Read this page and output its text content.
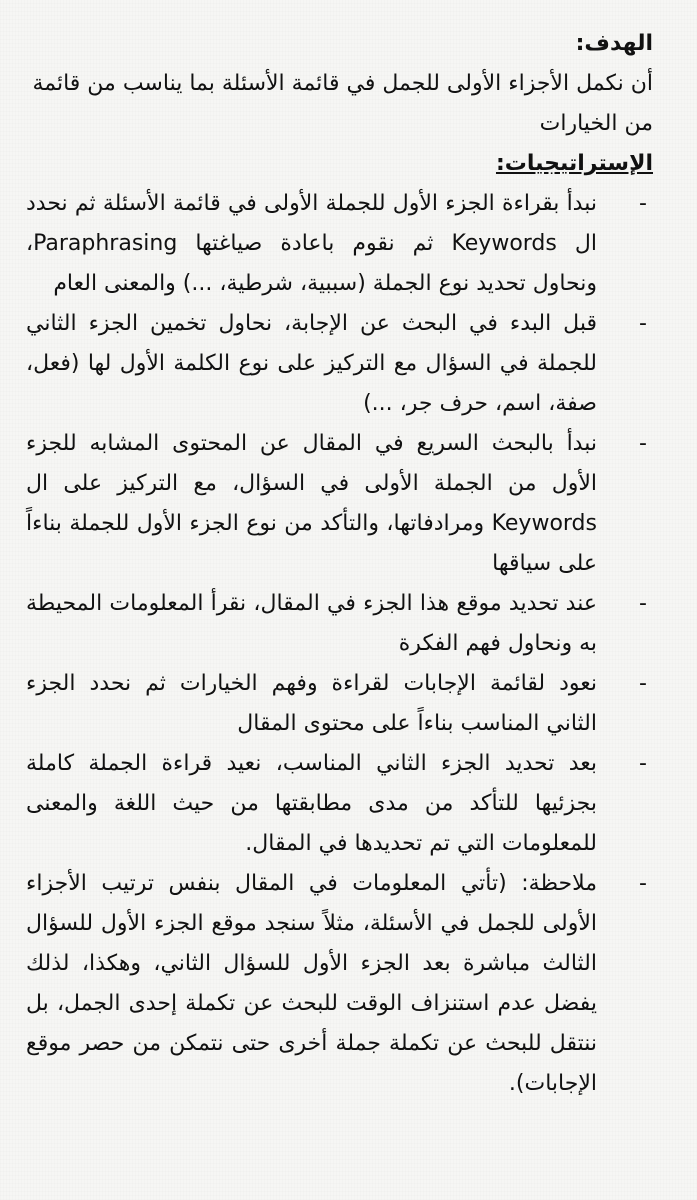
الهدف:

أن نكمل الأجزاء الأولى للجمل في قائمة الأسئلة بما يناسب من قائمة من الخيارات

الإستراتيجيات:
-
نبدأ بقراءة الجزء الأول للجملة الأولى في قائمة الأسئلة ثم نحدد ال Keywords ثم نقوم باعادة صياغتها Paraphrasing، ونحاول تحديد نوع الجملة (سببية، شرطية، ...) والمعنى العام
-
قبل البدء في البحث عن الإجابة، نحاول تخمين الجزء الثاني للجملة في السؤال مع التركيز على نوع الكلمة الأول لها (فعل، صفة، اسم، حرف جر، ...)
-
نبدأ بالبحث السريع في المقال عن المحتوى المشابه للجزء الأول من الجملة الأولى في السؤال، مع التركيز على ال Keywords ومرادفاتها، والتأكد من نوع الجزء الأول للجملة بناءاً على سياقها
-
عند تحديد موقع هذا الجزء في المقال، نقرأ المعلومات المحيطة به ونحاول فهم الفكرة
-
نعود لقائمة الإجابات لقراءة وفهم الخيارات ثم نحدد الجزء الثاني المناسب بناءاً على محتوى المقال
-
بعد تحديد الجزء الثاني المناسب، نعيد قراءة الجملة كاملة بجزئيها للتأكد من مدى مطابقتها من حيث اللغة والمعنى للمعلومات التي تم تحديدها في المقال.
-
ملاحظة: (تأتي المعلومات في المقال بنفس ترتيب الأجزاء الأولى للجمل في الأسئلة، مثلاً سنجد موقع الجزء الأول للسؤال الثالث مباشرة بعد الجزء الأول للسؤال الثاني، وهكذا، لذلك يفضل عدم استنزاف الوقت للبحث عن تكملة إحدى الجمل، بل ننتقل للبحث عن تكملة جملة أخرى حتى نتمكن من حصر موقع الإجابات).
